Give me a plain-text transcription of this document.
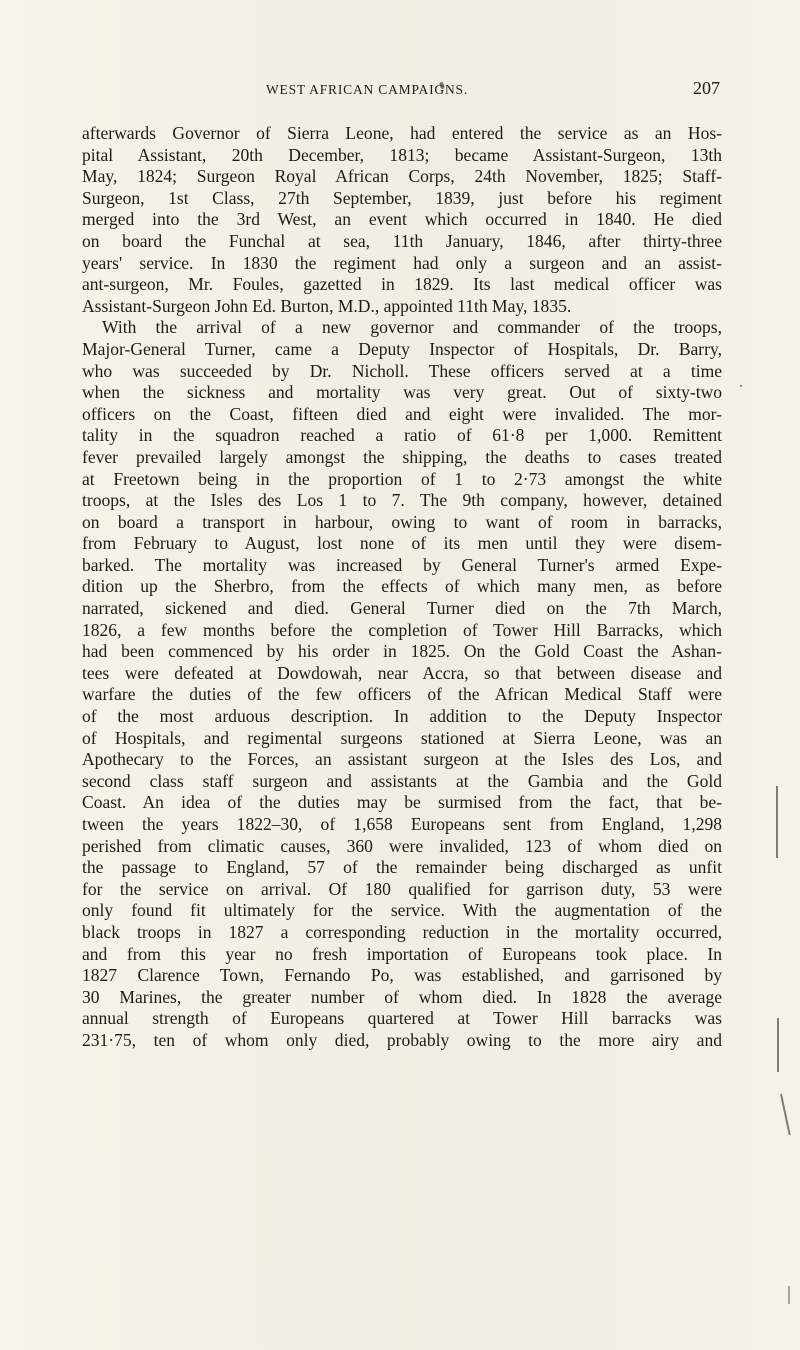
WEST AFRICAN CAMPAIGNS.	207
afterwards Governor of Sierra Leone, had entered the service as an Hos-
pital Assistant, 20th December, 1813; became Assistant-Surgeon, 13th
May, 1824; Surgeon Royal African Corps, 24th November, 1825; Staff-
Surgeon, 1st Class, 27th September, 1839, just before his regiment
merged into the 3rd West, an event which occurred in 1840. He died
on board the Funchal at sea, 11th January, 1846, after thirty-three
years' service. In 1830 the regiment had only a surgeon and an assist-
ant-surgeon, Mr. Foules, gazetted in 1829. Its last medical officer was
Assistant-Surgeon John Ed. Burton, M.D., appointed 11th May, 1835.
With the arrival of a new governor and commander of the troops,
Major-General Turner, came a Deputy Inspector of Hospitals, Dr. Barry,
who was succeeded by Dr. Nicholl. These officers served at a time
when the sickness and mortality was very great. Out of sixty-two
officers on the Coast, fifteen died and eight were invalided. The mor-
tality in the squadron reached a ratio of 61·8 per 1,000. Remittent
fever prevailed largely amongst the shipping, the deaths to cases treated
at Freetown being in the proportion of 1 to 2·73 amongst the white
troops, at the Isles des Los 1 to 7. The 9th company, however, detained
on board a transport in harbour, owing to want of room in barracks,
from February to August, lost none of its men until they were disem-
barked. The mortality was increased by General Turner's armed Expe-
dition up the Sherbro, from the effects of which many men, as before
narrated, sickened and died. General Turner died on the 7th March,
1826, a few months before the completion of Tower Hill Barracks, which
had been commenced by his order in 1825. On the Gold Coast the Ashan-
tees were defeated at Dowdowah, near Accra, so that between disease and
warfare the duties of the few officers of the African Medical Staff were
of the most arduous description. In addition to the Deputy Inspector
of Hospitals, and regimental surgeons stationed at Sierra Leone, was an
Apothecary to the Forces, an assistant surgeon at the Isles des Los, and
second class staff surgeon and assistants at the Gambia and the Gold
Coast. An idea of the duties may be surmised from the fact, that be-
tween the years 1822–30, of 1,658 Europeans sent from England, 1,298
perished from climatic causes, 360 were invalided, 123 of whom died on
the passage to England, 57 of the remainder being discharged as unfit
for the service on arrival. Of 180 qualified for garrison duty, 53 were
only found fit ultimately for the service. With the augmentation of the
black troops in 1827 a corresponding reduction in the mortality occurred,
and from this year no fresh importation of Europeans took place. In
1827 Clarence Town, Fernando Po, was established, and garrisoned by
30 Marines, the greater number of whom died. In 1828 the average
annual strength of Europeans quartered at Tower Hill barracks was
231·75, ten of whom only died, probably owing to the more airy and
